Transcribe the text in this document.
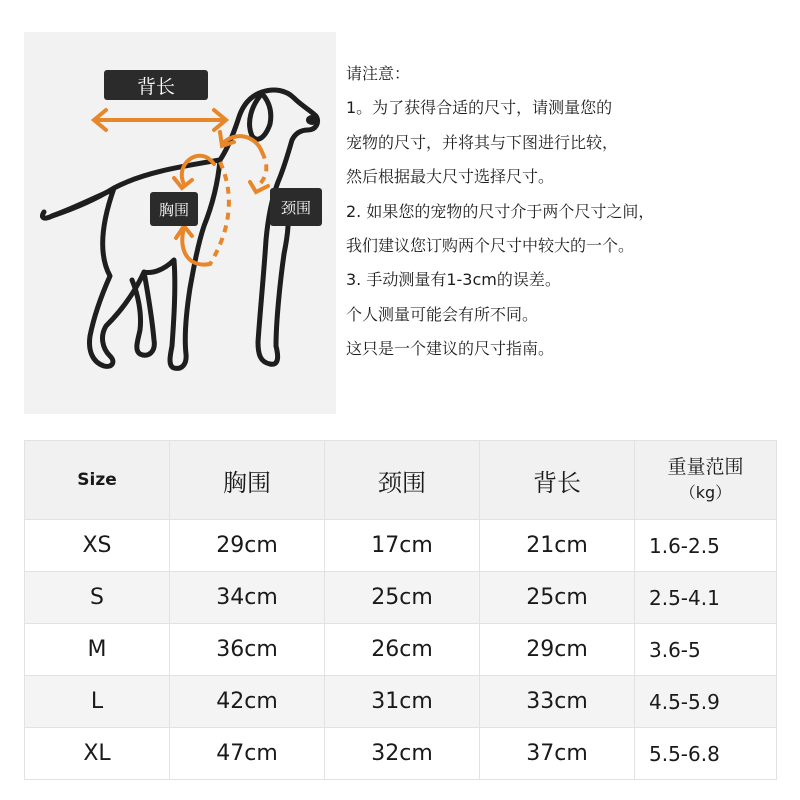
背长
胸围	颈围
请注意：
1。为了获得合适的尺寸，请测量您的
宠物的尺寸，并将其与下图进行比较，
然后根据最大尺寸选择尺寸。
2. 如果您的宠物的尺寸介于两个尺寸之间，
我们建议您订购两个尺寸中较大的一个。
3. 手动测量有1-3cm的误差。
个人测量可能会有所不同。
这只是一个建议的尺寸指南。
Size	胸围	颈围	背长	重量范围
（kg）

XS	29cm	17cm	21cm	1.6-2.5
S	34cm	25cm	25cm	2.5-4.1
M	36cm	26cm	29cm	3.6-5
L	42cm	31cm	33cm	4.5-5.9
XL	47cm	32cm	37cm	5.5-6.8
